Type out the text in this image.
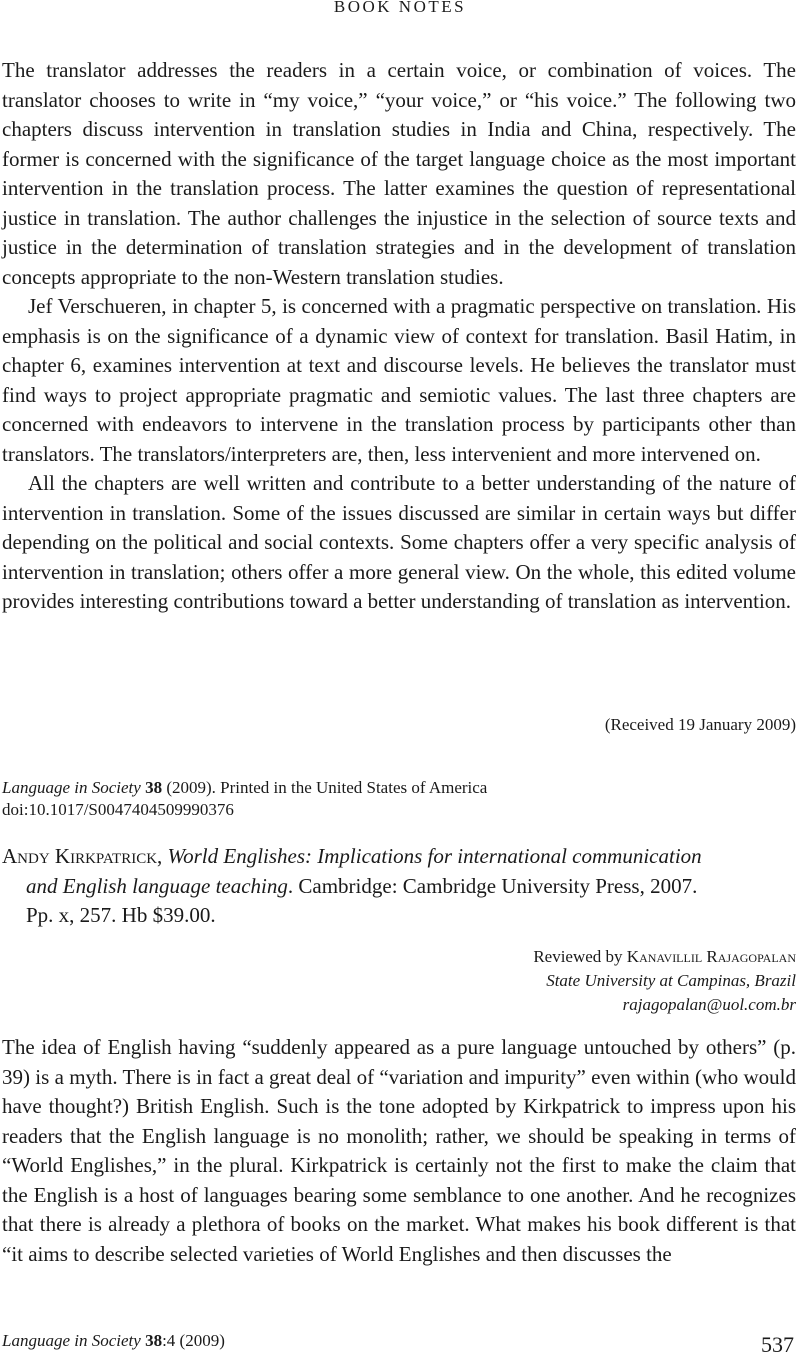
BOOK NOTES

The translator addresses the readers in a certain voice, or combination of voices. The translator chooses to write in “my voice,” “your voice,” or “his voice.” The following two chapters discuss intervention in translation studies in India and China, respectively. The former is concerned with the significance of the target language choice as the most important intervention in the translation process. The latter examines the question of representational justice in translation. The author challenges the injustice in the selection of source texts and justice in the determination of translation strategies and in the development of translation concepts appropriate to the non-Western translation studies.

Jef Verschueren, in chapter 5, is concerned with a pragmatic perspective on translation. His emphasis is on the significance of a dynamic view of context for translation. Basil Hatim, in chapter 6, examines intervention at text and discourse levels. He believes the translator must find ways to project appropriate pragmatic and semiotic values. The last three chapters are concerned with endeavors to intervene in the translation process by participants other than translators. The translators/interpreters are, then, less intervenient and more intervened on.

All the chapters are well written and contribute to a better understanding of the nature of intervention in translation. Some of the issues discussed are similar in certain ways but differ depending on the political and social contexts. Some chapters offer a very specific analysis of intervention in translation; others offer a more general view. On the whole, this edited volume provides interesting contributions toward a better understanding of translation as intervention.

(Received 19 January 2009)
Language in Society 38 (2009). Printed in the United States of America
doi:10.1017/S0047404509990376
Andy Kirkpatrick, World Englishes: Implications for international communication
and English language teaching. Cambridge: Cambridge University Press, 2007.
Pp. x, 257. Hb $39.00.
Reviewed by Kanavillil Rajagopalan
State University at Campinas, Brazil
rajagopalan@uol.com.br

The idea of English having “suddenly appeared as a pure language untouched by others” (p. 39) is a myth. There is in fact a great deal of “variation and impurity” even within (who would have thought?) British English. Such is the tone adopted by Kirkpatrick to impress upon his readers that the English language is no monolith; rather, we should be speaking in terms of “World Englishes,” in the plural. Kirkpatrick is certainly not the first to make the claim that the English is a host of languages bearing some semblance to one another. And he recognizes that there is already a plethora of books on the market. What makes his book different is that “it aims to describe selected varieties of World Englishes and then discusses the

Language in Society 38:4 (2009)	537
